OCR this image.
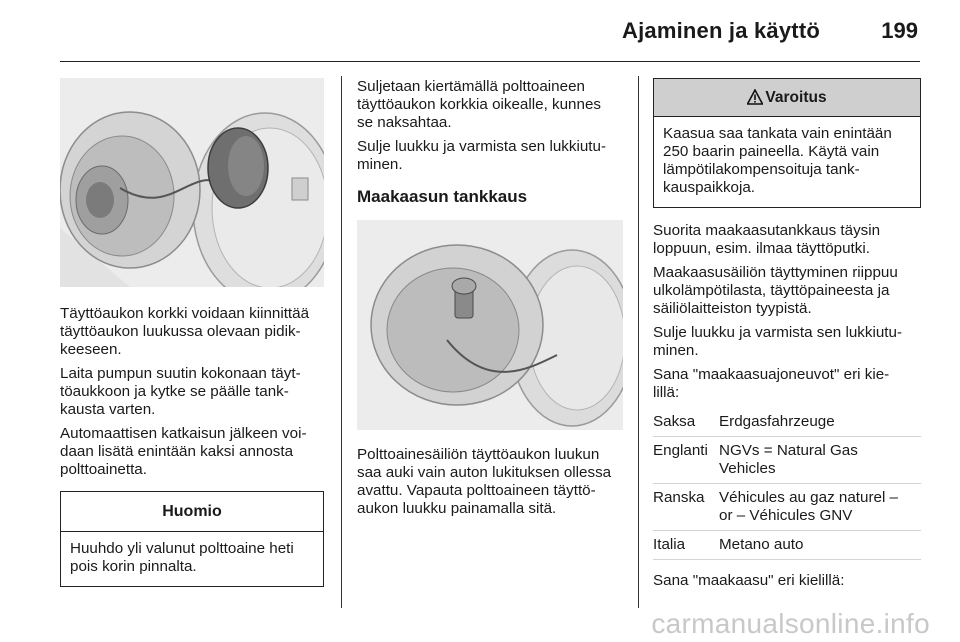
Ajaminen ja käyttö	199

Täyttöaukon korkki voidaan kiinnittää
täyttöaukon luukussa olevaan pidik-
keeseen.

Laita pumpun suutin kokonaan täyt-
töaukkoon ja kytke se päälle tank-
kausta varten.

Automaattisen katkaisun jälkeen voi-
daan lisätä enintään kaksi annosta
polttoainetta.

Huomio
Huuhdo yli valunut polttoaine heti
pois korin pinnalta.

Suljetaan kiertämällä polttoaineen
täyttöaukon korkkia oikealle, kunnes
se naksahtaa.

Sulje luukku ja varmista sen lukkiutu-
minen.

Maakaasun tankkaus

Polttoainesäiliön täyttöaukon luukun
saa auki vain auton lukituksen ollessa
avattu. Vapauta polttoaineen täyttö-
aukon luukku painamalla sitä.

Varoitus
Kaasua saa tankata vain enintään
250 baarin paineella. Käytä vain
lämpötilakompensoituja tank-
kauspaikkoja.

Suorita maakaasutankkaus täysin
loppuun, esim. ilmaa täyttöputki.

Maakaasusäiliön täyttyminen riippuu
ulkolämpötilasta, täyttöpaineesta ja
säiliölaitteiston tyypistä.

Sulje luukku ja varmista sen lukkiutu-
minen.

Sana "maakaasuajoneuvot" eri kie-
lillä:

Saksa	Erdgasfahrzeuge
Englanti NGVs = Natural Gas
Vehicles
Ranska Véhicules au gaz naturel –
or – Véhicules GNV
Italia	Metano auto

Sana "maakaasu" eri kielillä:

carmanualsonline.info
